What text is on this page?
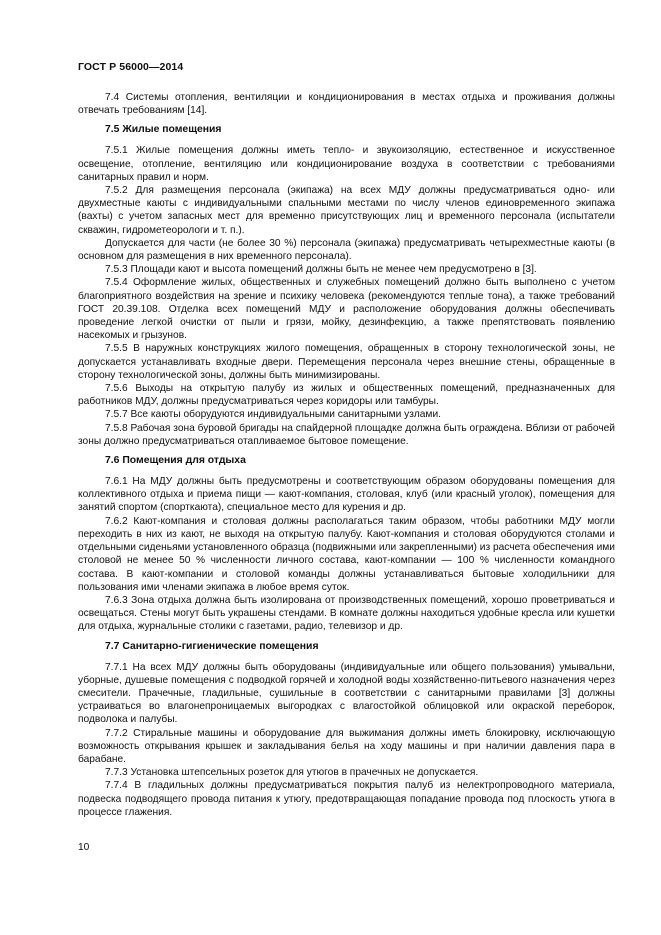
ГОСТ Р 56000—2014

7.4 Системы отопления, вентиляции и кондиционирования в местах отдыха и проживания должны отвечать требованиям [14].

7.5 Жилые помещения

7.5.1 Жилые помещения должны иметь тепло- и звукоизоляцию, естественное и искусственное освещение, отопление, вентиляцию или кондиционирование воздуха в соответствии с требованиями санитарных правил и норм.

7.5.2 Для размещения персонала (экипажа) на всех МДУ должны предусматриваться одно- или двухместные каюты с индивидуальными спальными местами по числу членов единовременного экипажа (вахты) с учетом запасных мест для временно присутствующих лиц и временного персонала (испытатели скважин, гидрометеорологи и т. п.).

Допускается для части (не более 30 %) персонала (экипажа) предусматривать четырехместные каюты (в основном для размещения в них временного персонала).

7.5.3 Площади кают и высота помещений должны быть не менее чем предусмотрено в [3].

7.5.4 Оформление жилых, общественных и служебных помещений должно быть выполнено с учетом благоприятного воздействия на зрение и психику человека (рекомендуются теплые тона), а также требований ГОСТ 20.39.108. Отделка всех помещений МДУ и расположение оборудования должны обеспечивать проведение легкой очистки от пыли и грязи, мойку, дезинфекцию, а также препятствовать появлению насекомых и грызунов.

7.5.5 В наружных конструкциях жилого помещения, обращенных в сторону технологической зоны, не допускается устанавливать входные двери. Перемещения персонала через внешние стены, обращенные в сторону технологической зоны, должны быть минимизированы.

7.5.6 Выходы на открытую палубу из жилых и общественных помещений, предназначенных для работников МДУ, должны предусматриваться через коридоры или тамбуры.

7.5.7 Все каюты оборудуются индивидуальными санитарными узлами.

7.5.8 Рабочая зона буровой бригады на спайдерной площадке должна быть ограждена. Вблизи от рабочей зоны должно предусматриваться отапливаемое бытовое помещение.

7.6 Помещения для отдыха

7.6.1 На МДУ должны быть предусмотрены и соответствующим образом оборудованы помещения для коллективного отдыха и приема пищи — кают-компания, столовая, клуб (или красный уголок), помещения для занятий спортом (спорткаюта), специальное место для курения и др.

7.6.2 Кают-компания и столовая должны располагаться таким образом, чтобы работники МДУ могли переходить в них из кают, не выходя на открытую палубу. Кают-компания и столовая оборудуются столами и отдельными сиденьями установленного образца (подвижными или закрепленными) из расчета обеспечения ими столовой не менее 50 % численности личного состава, кают-компании — 100 % численности командного состава. В кают-компании и столовой команды должны устанавливаться бытовые холодильники для пользования ими членами экипажа в любое время суток.

7.6.3 Зона отдыха должна быть изолирована от производственных помещений, хорошо проветриваться и освещаться. Стены могут быть украшены стендами. В комнате должны находиться удобные кресла или кушетки для отдыха, журнальные столики с газетами, радио, телевизор и др.

7.7 Санитарно-гигиенические помещения

7.7.1 На всех МДУ должны быть оборудованы (индивидуальные или общего пользования) умывальни, уборные, душевые помещения с подводкой горячей и холодной воды хозяйственно-питьевого назначения через смесители. Прачечные, гладильные, сушильные в соответствии с санитарными правилами [3] должны устраиваться во влагонепроницаемых выгородках с влагостойкой облицовкой или окраской переборок, подволока и палубы.

7.7.2 Стиральные машины и оборудование для выжимания должны иметь блокировку, исключающую возможность открывания крышек и закладывания белья на ходу машины и при наличии давления пара в барабане.

7.7.3 Установка штепсельных розеток для утюгов в прачечных не допускается.

7.7.4 В гладильных должны предусматриваться покрытия палуб из нелектропроводного материала, подвеска подводящего провода питания к утюгу, предотвращающая попадание провода под плоскость утюга в процессе глажения.

10
